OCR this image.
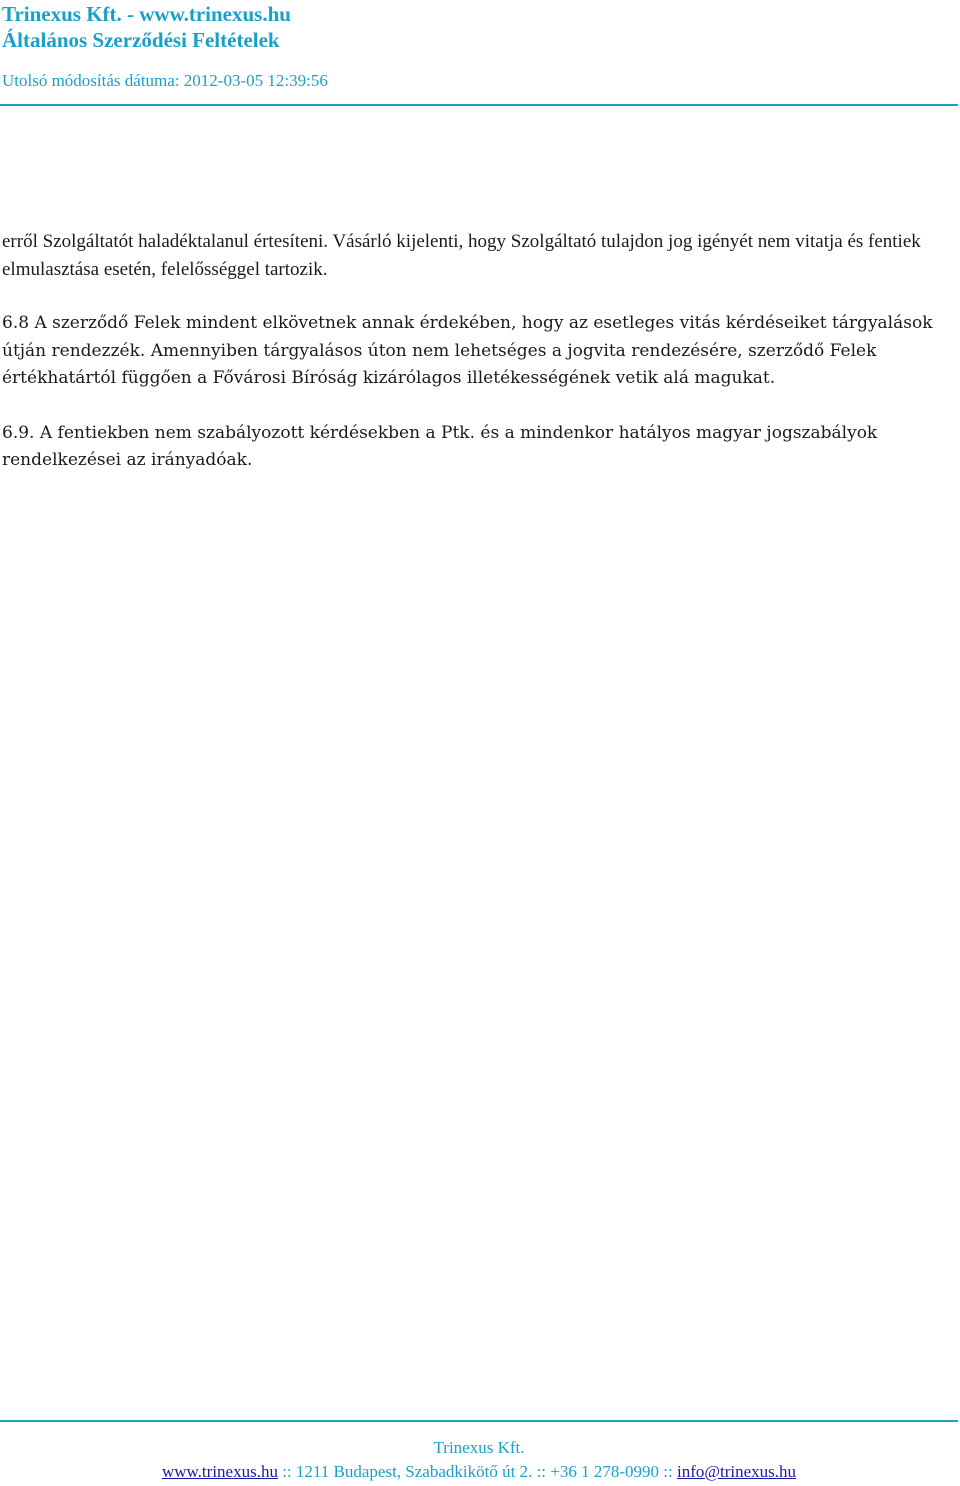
Trinexus Kft. - www.trinexus.hu
Általános Szerződési Feltételek
Utolsó módosítás dátuma: 2012-03-05 12:39:56

erről Szolgáltatót haladéktalanul értesíteni. Vásárló kijelenti, hogy Szolgáltató tulajdon jog igényét nem vitatja és fentiek elmulasztása esetén, felelősséggel tartozik.

6.8 A szerződő Felek mindent elkövetnek annak érdekében, hogy az esetleges vitás kérdéseiket tárgyalások útján rendezzék. Amennyiben tárgyalásos úton nem lehetséges a jogvita rendezésére, szerződő Felek értékhatártól függően a Fővárosi Bíróság kizárólagos illetékességének vetik alá magukat.

6.9. A fentiekben nem szabályozott kérdésekben a Ptk. és a mindenkor hatályos magyar jogszabályok rendelkezései az irányadóak.

Trinexus Kft.
www.trinexus.hu :: 1211 Budapest, Szabadkikötő út 2. :: +36 1 278-0990 :: info@trinexus.hu
